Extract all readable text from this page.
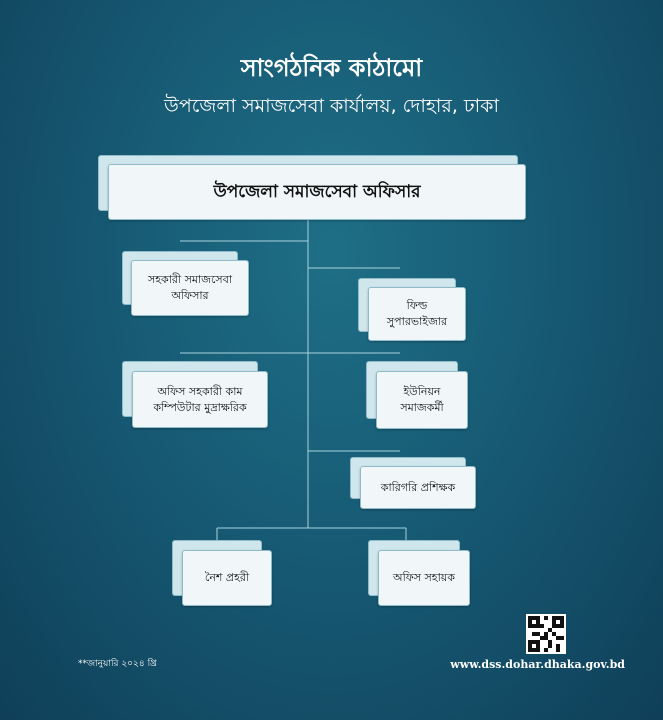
সাংগঠনিক কাঠামো
উপজেলা সমাজসেবা কার্যালয়, দোহার, ঢাকা
উপজেলা সমাজসেবা অফিসার
সহকারী সমাজসেবা
অফিসার
ফিল্ড
সুপারভাইজার
অফিস সহকারী কাম
কম্পিউটার মুদ্রাক্ষরিক
ইউনিয়ন
সমাজকর্মী
কারিগরি প্রশিক্ষক
নৈশ প্রহরী	অফিস সহায়ক
**জানুয়ারি ২০২৪ খ্রি	www.dss.dohar.dhaka.gov.bd
